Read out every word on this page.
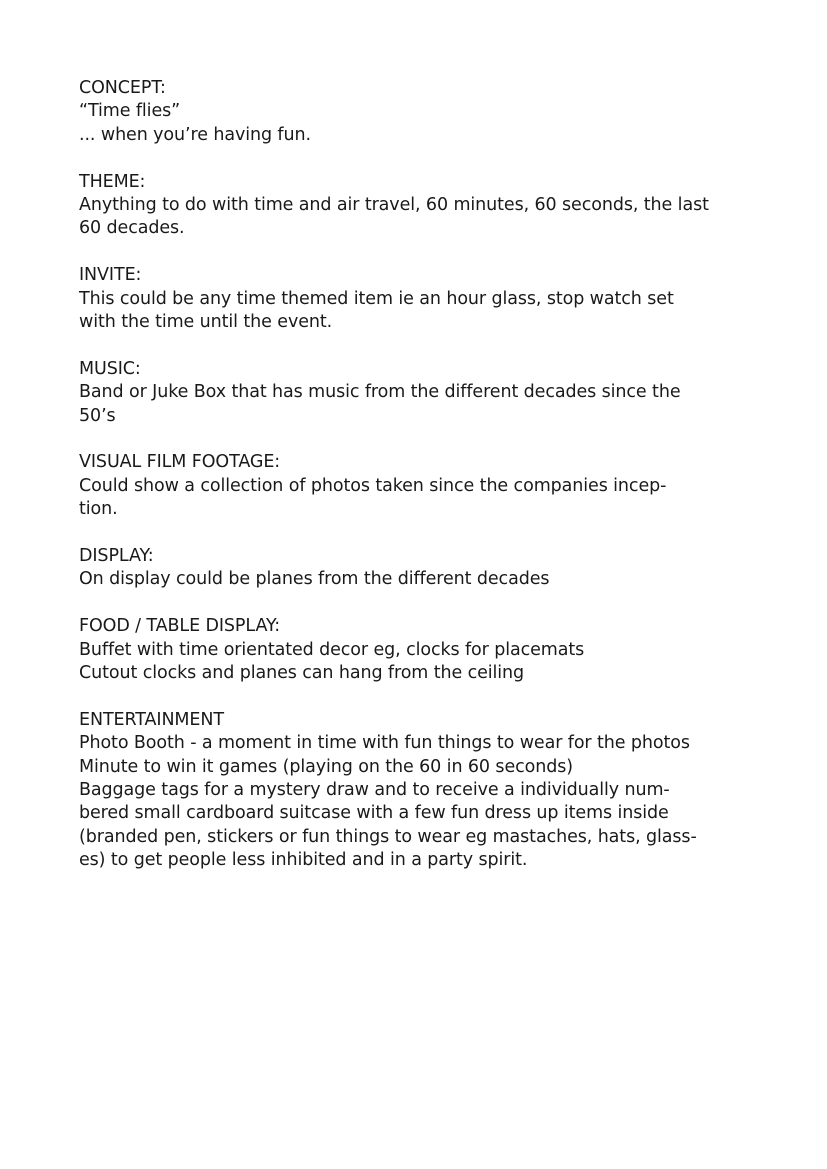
CONCEPT:
“Time flies”
... when you’re having fun.
THEME:
Anything to do with time and air travel, 60 minutes, 60 seconds, the last
60 decades.
INVITE:
This could be any time themed item ie an hour glass, stop watch set
with the time until the event.
MUSIC:
Band or Juke Box that has music from the different decades since the
50’s
VISUAL FILM FOOTAGE:
Could show a collection of photos taken since the companies incep-
tion.
DISPLAY:
On display could be planes from the different decades
FOOD / TABLE DISPLAY:
Buffet with time orientated decor eg, clocks for placemats
Cutout clocks and planes can hang from the ceiling
ENTERTAINMENT
Photo Booth - a moment in time with fun things to wear for the photos
Minute to win it games (playing on the 60 in 60 seconds)
Baggage tags for a mystery draw and to receive a individually num-
bered small cardboard suitcase with a few fun dress up items inside
(branded pen, stickers or fun things to wear eg mastaches, hats, glass-
es) to get people less inhibited and in a party spirit.
